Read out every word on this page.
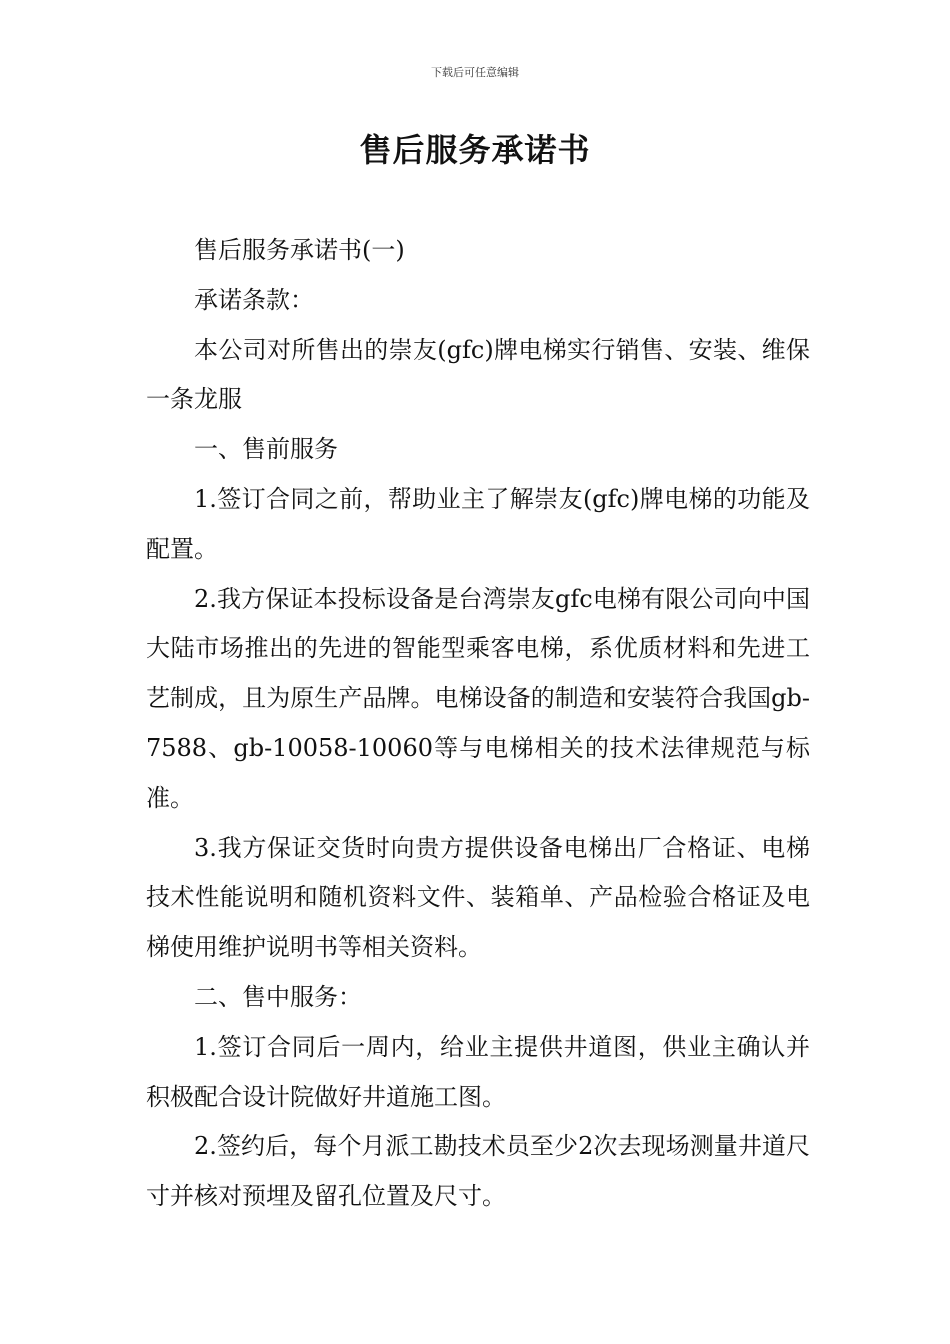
下载后可任意编辑
售后服务承诺书

售后服务承诺书(一)

承诺条款：

本公司对所售出的崇友(gfc)牌电梯实行销售、安装、维保一条龙服

一、售前服务

1.签订合同之前，帮助业主了解崇友(gfc)牌电梯的功能及配置。

2.我方保证本投标设备是台湾崇友gfc电梯有限公司向中国大陆市场推出的先进的智能型乘客电梯，系优质材料和先进工艺制成，且为原生产品牌。电梯设备的制造和安装符合我国gb-7588、gb-10058-10060等与电梯相关的技术法律规范与标准。

3.我方保证交货时向贵方提供设备电梯出厂合格证、电梯技术性能说明和随机资料文件、装箱单、产品检验合格证及电梯使用维护说明书等相关资料。

二、售中服务：

1.签订合同后一周内，给业主提供井道图，供业主确认并积极配合设计院做好井道施工图。

2.签约后，每个月派工勘技术员至少2次去现场测量井道尺寸并核对预埋及留孔位置及尺寸。
